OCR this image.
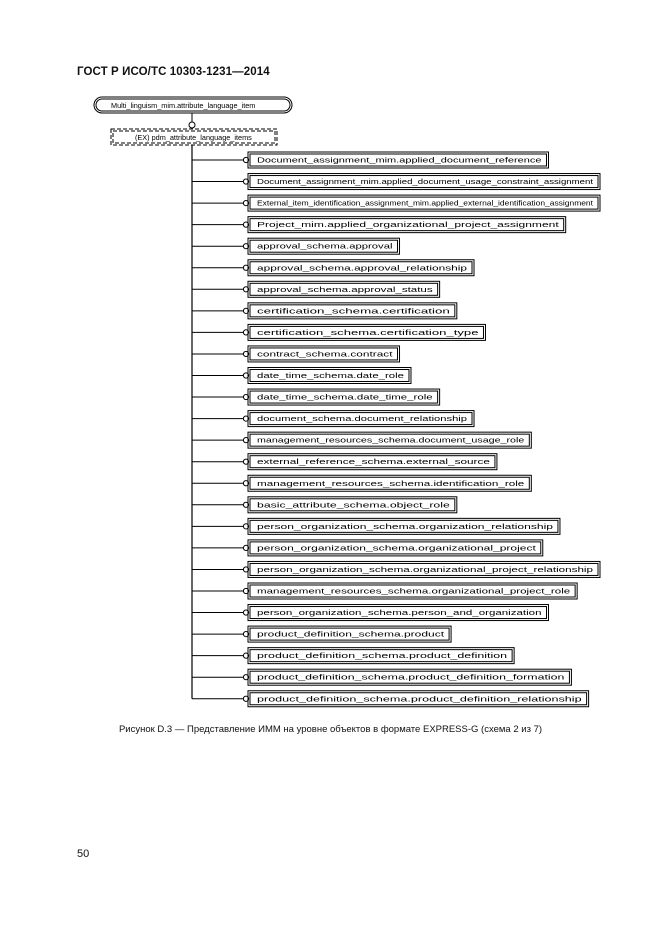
ГОСТ Р ИСО/ТС 10303-1231—2014
Multi_linguism_mim.attribute_language_item
(EX) pdm_attribute_language_items
Document_assignment_mim.applied_document_reference
Document_assignment_mim.applied_document_usage_constraint_assignment
External_item_identification_assignment_mim.applied_external_identification_assignment
Project_mim.applied_organizational_project_assignment
approval_schema.approval
approval_schema.approval_relationship
approval_schema.approval_status
certification_schema.certification
certification_schema.certification_type
contract_schema.contract
date_time_schema.date_role
date_time_schema.date_time_role
document_schema.document_relationship
management_resources_schema.document_usage_role
external_reference_schema.external_source
management_resources_schema.identification_role
basic_attribute_schema.object_role
person_organization_schema.organization_relationship
person_organization_schema.organizational_project
person_organization_schema.organizational_project_relationship
management_resources_schema.organizational_project_role
person_organization_schema.person_and_organization
product_definition_schema.product
product_definition_schema.product_definition
product_definition_schema.product_definition_formation
product_definition_schema.product_definition_relationship
Рисунок D.3 — Представление ИММ на уровне объектов в формате EXPRESS-G (схема 2 из 7)
50
